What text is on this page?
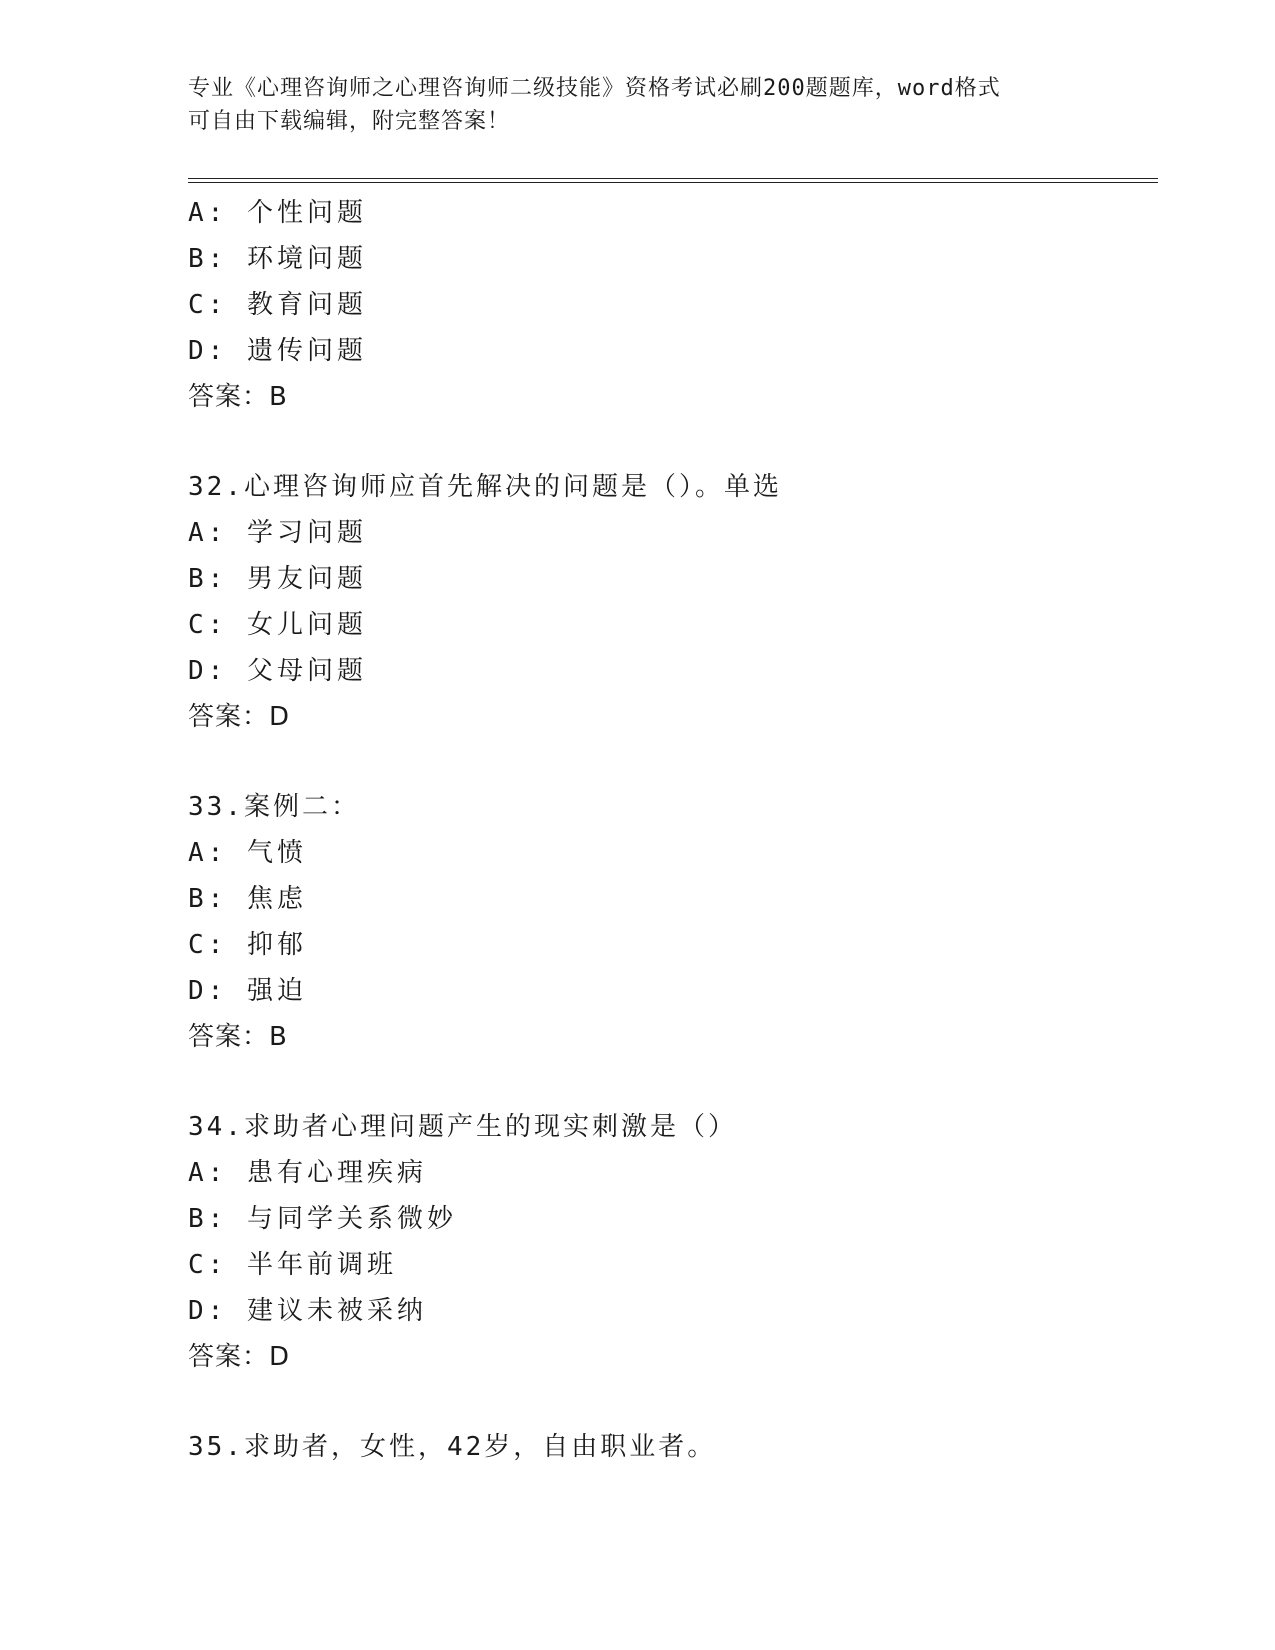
专业《心理咨询师之心理咨询师二级技能》资格考试必刷200题题库，word格式
可自由下载编辑，附完整答案！
A: 个性问题
B: 环境问题
C: 教育问题
D: 遗传问题
答案：B
32.心理咨询师应首先解决的问题是（）。单选
A: 学习问题
B: 男友问题
C: 女儿问题
D: 父母问题
答案：D
33.案例二：
A: 气愤
B: 焦虑
C: 抑郁
D: 强迫
答案：B
34.求助者心理问题产生的现实刺激是（）
A: 患有心理疾病
B: 与同学关系微妙
C: 半年前调班
D: 建议未被采纳
答案：D
35.求助者，女性，42岁，自由职业者。
